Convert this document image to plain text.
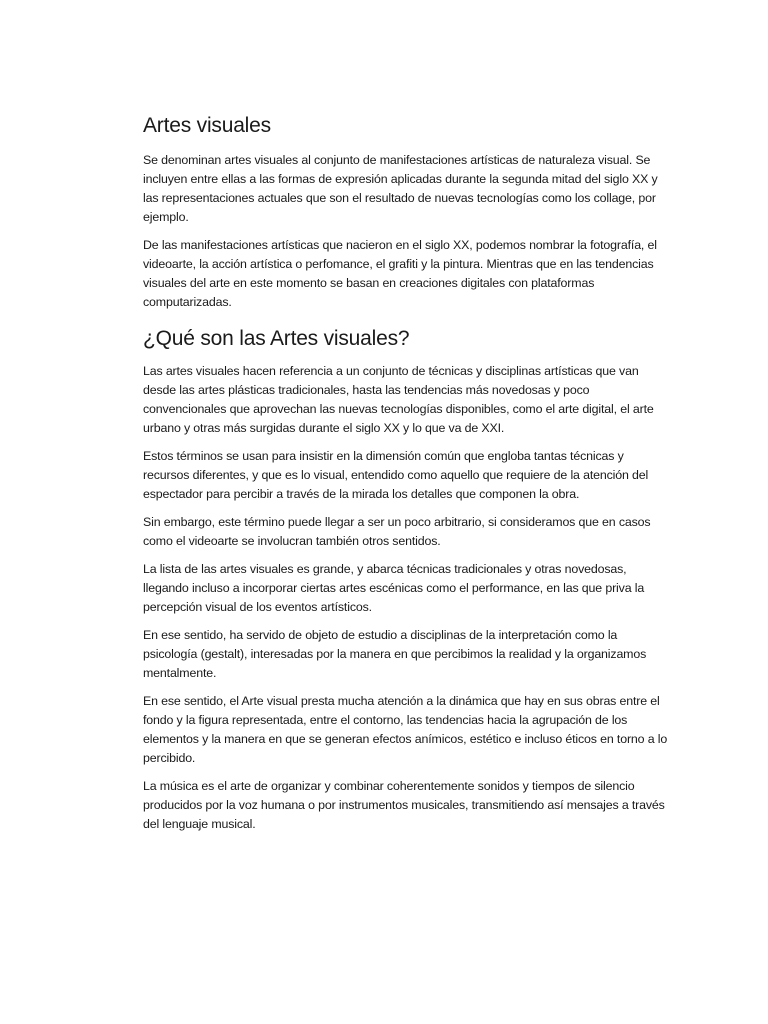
Artes visuales

Se denominan artes visuales al conjunto de manifestaciones artísticas de naturaleza visual. Se incluyen entre ellas a las formas de expresión aplicadas durante la segunda mitad del siglo XX y las representaciones actuales que son el resultado de nuevas tecnologías como los collage, por ejemplo.

De las manifestaciones artísticas que nacieron en el siglo XX, podemos nombrar la fotografía, el videoarte, la acción artística o perfomance, el grafiti y la pintura. Mientras que en las tendencias visuales del arte en este momento se basan en creaciones digitales con plataformas computarizadas.

¿Qué son las Artes visuales?

Las artes visuales hacen referencia a un conjunto de técnicas y disciplinas artísticas que van desde las artes plásticas tradicionales, hasta las tendencias más novedosas y poco convencionales que aprovechan las nuevas tecnologías disponibles, como el arte digital, el arte urbano y otras más surgidas durante el siglo XX y lo que va de XXI.

Estos términos se usan para insistir en la dimensión común que engloba tantas técnicas y recursos diferentes, y que es lo visual, entendido como aquello que requiere de la atención del espectador para percibir a través de la mirada los detalles que componen la obra.

Sin embargo, este término puede llegar a ser un poco arbitrario, si consideramos que en casos como el videoarte se involucran también otros sentidos.

La lista de las artes visuales es grande, y abarca técnicas tradicionales y otras novedosas, llegando incluso a incorporar ciertas artes escénicas como el performance, en las que priva la percepción visual de los eventos artísticos.

En ese sentido, ha servido de objeto de estudio a disciplinas de la interpretación como la psicología (gestalt), interesadas por la manera en que percibimos la realidad y la organizamos mentalmente.

En ese sentido, el Arte visual presta mucha atención a la dinámica que hay en sus obras entre el fondo y la figura representada, entre el contorno, las tendencias hacia la agrupación de los elementos y la manera en que se generan efectos anímicos, estético e incluso éticos en torno a lo percibido.

La música es el arte de organizar y combinar coherentemente sonidos y tiempos de silencio producidos por la voz humana o por instrumentos musicales, transmitiendo así mensajes a través del lenguaje musical.
